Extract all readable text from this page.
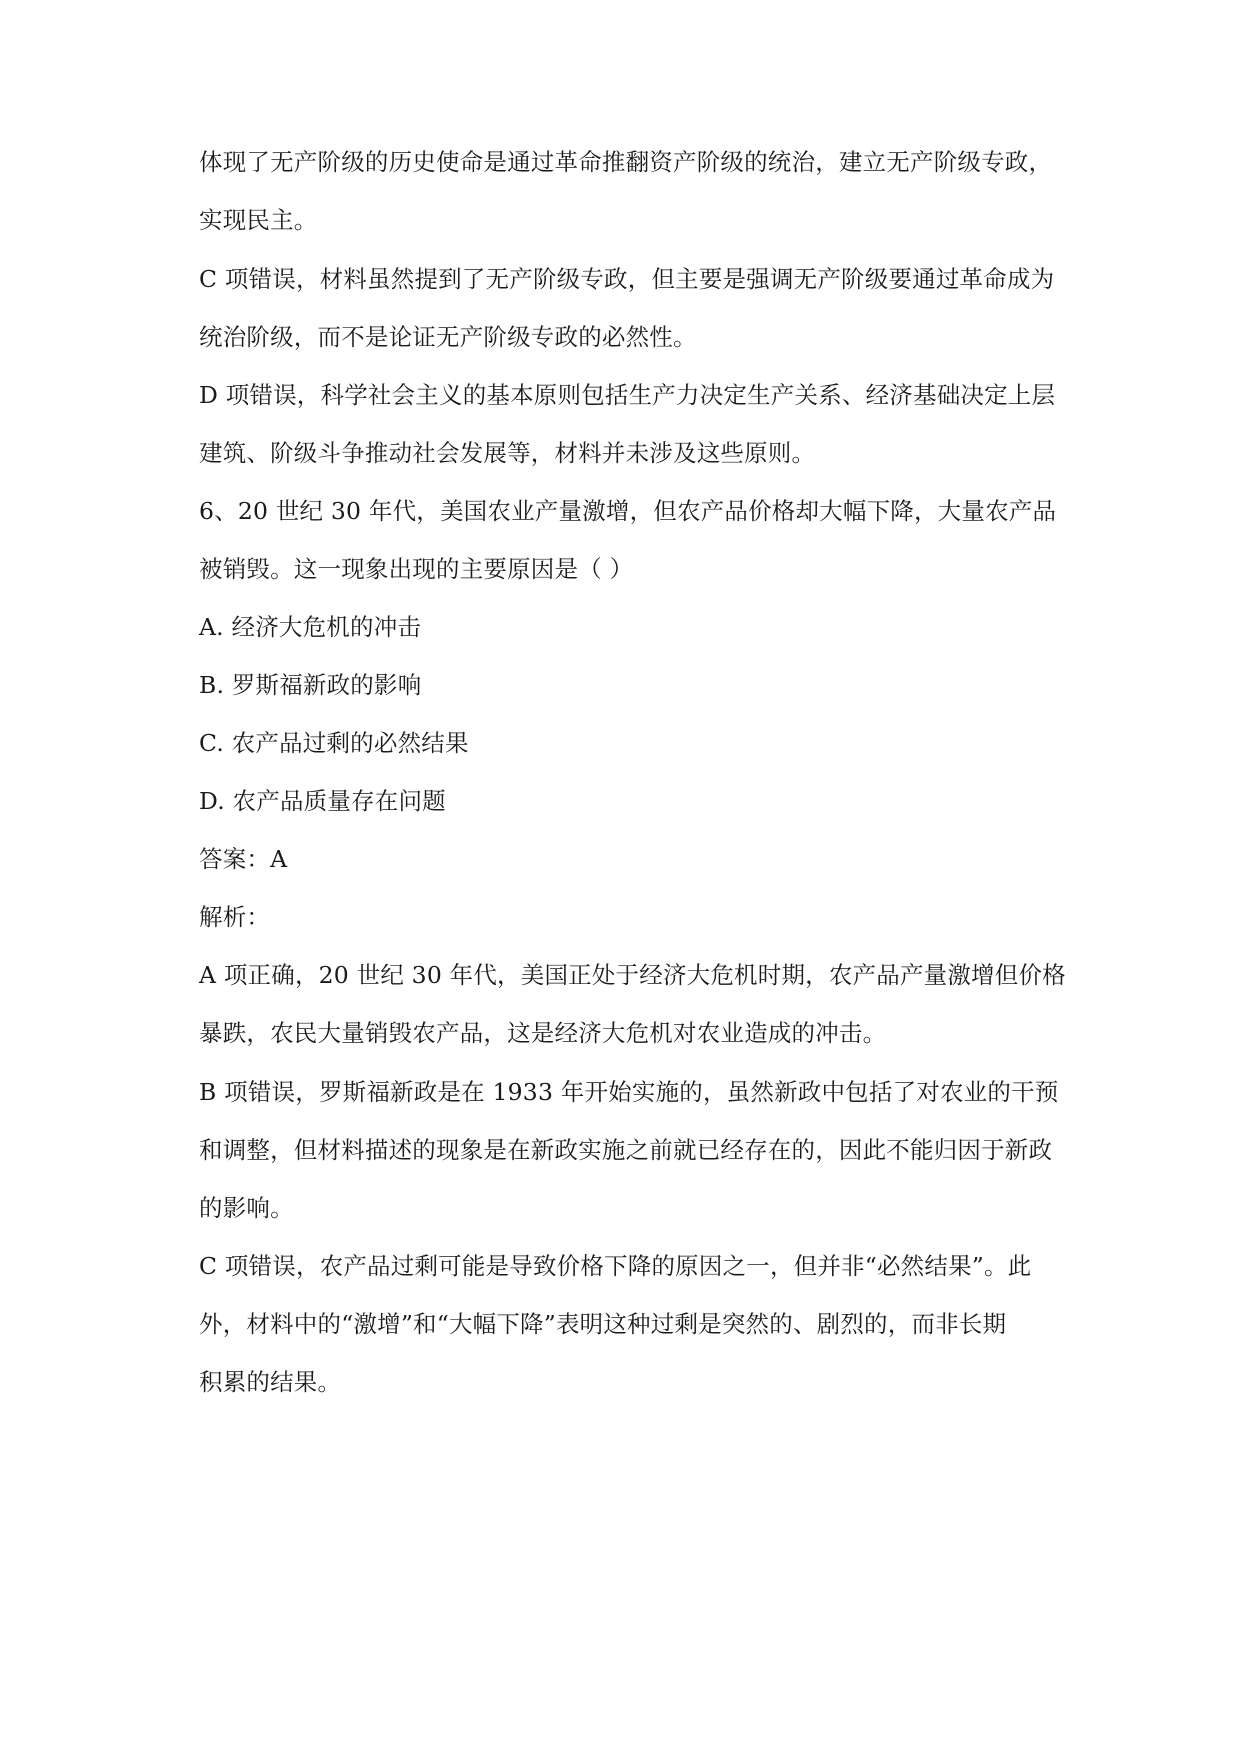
体现了无产阶级的历史使命是通过革命推翻资产阶级的统治，建立无产阶级专政，
实现民主。
C 项错误，材料虽然提到了无产阶级专政，但主要是强调无产阶级要通过革命成为
统治阶级，而不是论证无产阶级专政的必然性。
D 项错误，科学社会主义的基本原则包括生产力决定生产关系、经济基础决定上层
建筑、阶级斗争推动社会发展等，材料并未涉及这些原则。
6、20 世纪 30 年代，美国农业产量激增，但农产品价格却大幅下降，大量农产品
被销毁。这一现象出现的主要原因是（ ）
A. 经济大危机的冲击
B. 罗斯福新政的影响
C. 农产品过剩的必然结果
D. 农产品质量存在问题
答案：A
解析：
A 项正确，20 世纪 30 年代，美国正处于经济大危机时期，农产品产量激增但价格
暴跌，农民大量销毁农产品，这是经济大危机对农业造成的冲击。
B 项错误，罗斯福新政是在 1933 年开始实施的，虽然新政中包括了对农业的干预
和调整，但材料描述的现象是在新政实施之前就已经存在的，因此不能归因于新政
的影响。
C 项错误，农产品过剩可能是导致价格下降的原因之一，但并非“必然结果”。此
外，材料中的“激增”和“大幅下降”表明这种过剩是突然的、剧烈的，而非长期
积累的结果。
